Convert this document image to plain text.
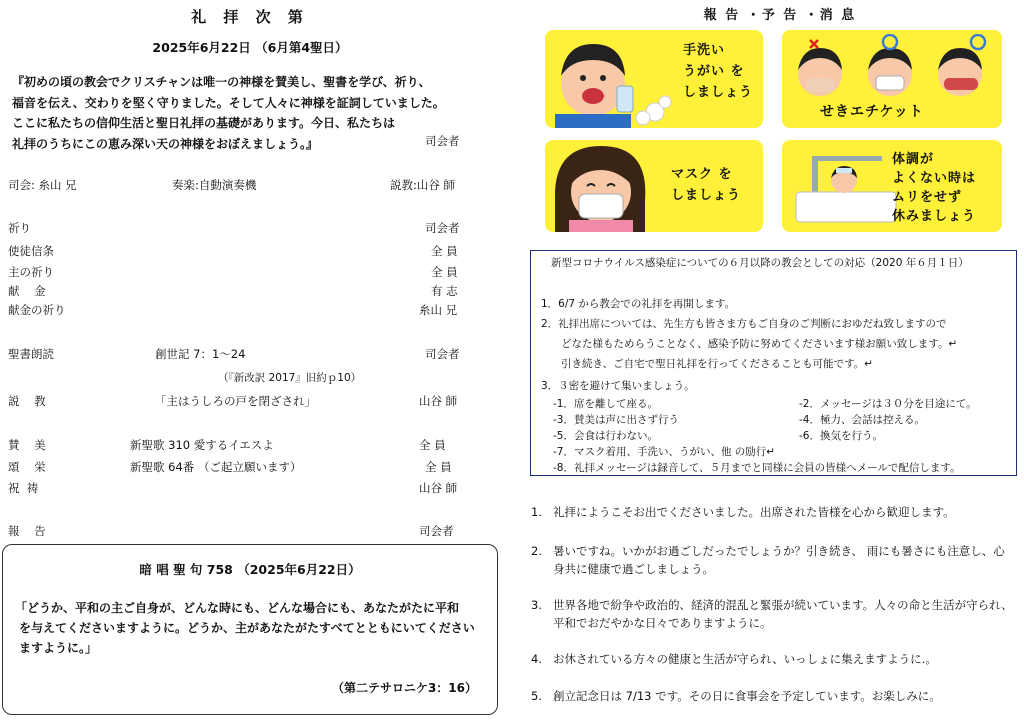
礼 拝 次 第
2025年6月22日 （6月第4聖日）
『初めの頃の教会でクリスチャンは唯一の神様を賛美し、聖書を学び、祈り、
福音を伝え、交わりを堅く守りました。そして人々に神様を証詞していました。
ここに私たちの信仰生活と聖日礼拝の基礎があります。今日、私たちは
礼拝のうちにこの恵み深い天の神様をおぼえましょう。』	司会者
司会: 糸山 兄	奏楽:自動演奏機	説教:山谷 師
祈り	司会者
使徒信条	全 員
主の祈り	全 員
献    金	有 志
献金の祈り	糸山 兄
聖書朗読	創世記 7：1～24	司会者
（『新改訳 2017』旧約ｐ10）
説    教	「主はうしろの戸を閉ざされ」	山谷 師
賛    美	新聖歌 310 愛するイエスよ	全 員
頌    栄	新聖歌 64番 （ご起立願います）	全 員
祝  祷	山谷 師
報    告	司会者
暗 唱 聖 句 758 （2025年6月22日）
「どうか、平和の主ご自身が、どんな時にも、どんな場合にも、あなたがたに平和
を与えてくださいますように。どうか、主があなたがたすべてとともにいてください
ますように。」
（第二テサロニケ3：16）
報 告 ・予 告 ・消 息
手洗い
うがい を
しましょう
せきエチケット
マスク を
しましょう
体調が
よくない時は
ムリをせず
休みましょう
新型コロナウイルス感染症についての６月以降の教会としての対応（2020 年６月１日）
1．6/7 から教会での礼拝を再開します。
2．礼拝出席については、先生方も皆さま方もご自身のご判断におゆだね致しますので
どなた様もためらうことなく、感染予防に努めてくださいます様お願い致します。↵
引き続き、ご自宅で聖日礼拝を行ってくださることも可能です。↵
3．３密を避けて集いましょう。
-1．席を離して座る。	-2．メッセージは３０分を目途にて。
-3．賛美は声に出さず行う	-4．極力、会話は控える。
-5．会食は行わない。	-6．換気を行う。
-7．マスク着用、手洗い、うがい、他 の励行↵
-8．礼拝メッセージは録音して、５月までと同様に会員の皆様へメールで配信します。
1. 礼拝にようこそお出でくださいました。出席された皆様を心から歓迎します。
2. 暑いですね。いかがお過ごしだったでしょうか？引き続き、 雨にも暑さにも注意し、心身共に健康で過ごしましょう。
3. 世界各地で紛争や政治的、経済的混乱と緊張が続いています。人々の命と生活が守られ、平和でおだやかな日々でありますように。
4. お休されている方々の健康と生活が守られ、いっしょに集えますように.。
5. 創立記念日は 7/13 です。その日に食事会を予定しています。お楽しみに。
